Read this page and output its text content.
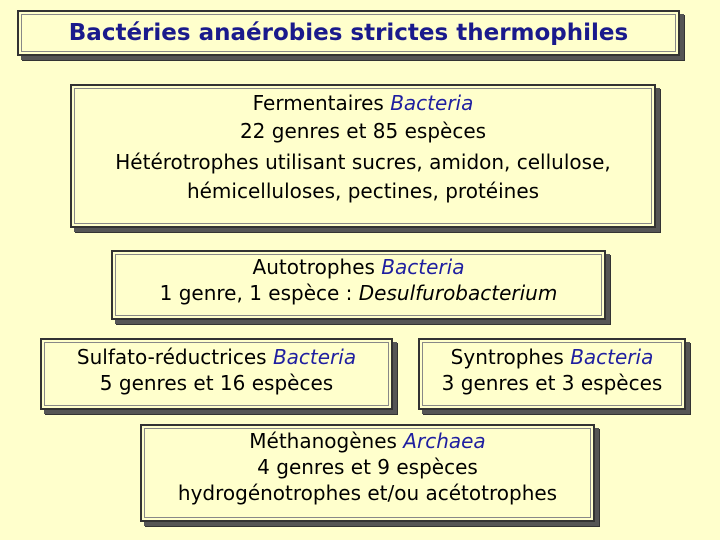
Bactéries anaérobies strictes thermophiles
Fermentaires Bacteria
22 genres et 85 espèces
Hétérotrophes utilisant sucres, amidon, cellulose,
hémicelluloses, pectines, protéines
Autotrophes Bacteria
1 genre, 1 espèce : Desulfurobacterium
Sulfato-réductrices Bacteria
5 genres et 16 espèces
Syntrophes Bacteria
3 genres et 3 espèces
Méthanogènes Archaea
4 genres et 9 espèces
hydrogénotrophes et/ou acétotrophes
